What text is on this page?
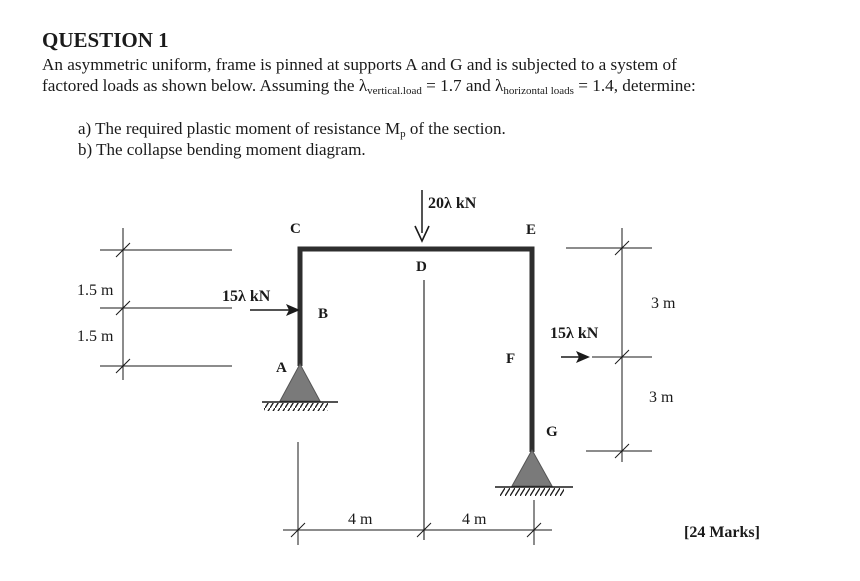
QUESTION 1

An asymmetric uniform, frame is pinned at supports A and G and is subjected to a system of
factored loads as shown below. Assuming the $\lambda_{vertical.load} = 1.7$ and $\lambda_{horizontal loads} = 1.4$, determine:

a) The required plastic moment of resistance $M_p$ of the section.
b) The collapse bending moment diagram.
20λ kN
15λ kN
15λ kN
A
B
C
D
E
F
G
1.5 m
1.5 m
3 m
3 m
4 m	4 m

[24 Marks]
